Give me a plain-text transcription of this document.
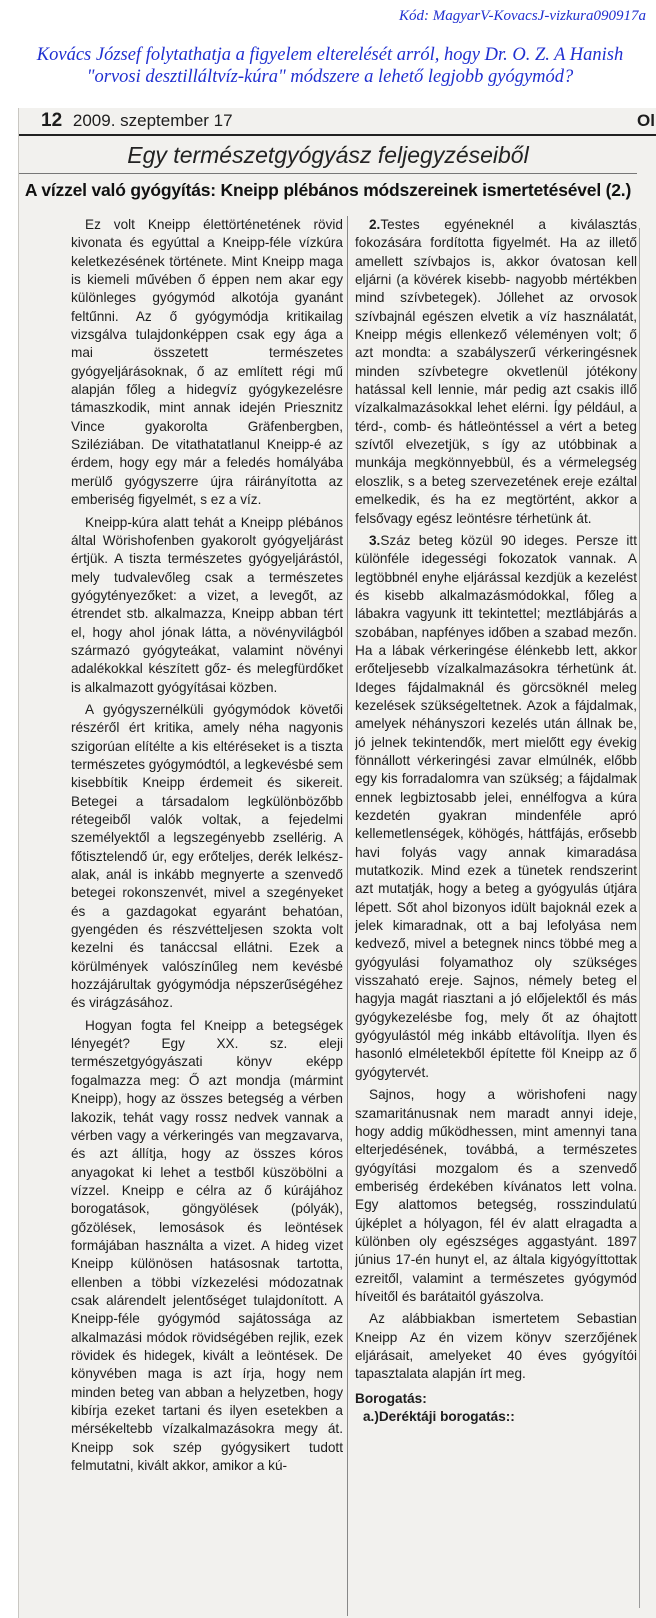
Kód: MagyarV-KovacsJ-vizkura090917a
Kovács József folytathatja a figyelem elterelését arról, hogy Dr. O. Z. A Hanish "orvosi desztilláltvíz-kúra" módszere a lehető legjobb gyógymód?
12 2009. szeptember 17	Ol
Egy természetgyógyász feljegyzéseiből
A vízzel való gyógyítás: Kneipp plébános módszereinek ismertetésével (2.)

Ez volt Kneipp élettörténetének rövid kivonata és egyúttal a Kneipp-féle vízkúra keletkezésének története. Mint Kneipp maga is kiemeli művében ő éppen nem akar egy különleges gyógymód alkotója gyanánt feltűnni. Az ő gyógymódja kritikailag vizsgálva tulajdonképpen csak egy ága a mai összetett természetes gyógyeljárásoknak, ő az említett régi mű alapján főleg a hidegvíz gyógykezelésre támaszkodik, mint annak idején Priesznitz Vince gyakorolta Gräfenbergben, Sziléziában. De vitathatatlanul Kneipp-é az érdem, hogy egy már a feledés homályába merülő gyógyszerre újra ráirányította az emberiség figyelmét, s ez a víz.

Kneipp-kúra alatt tehát a Kneipp plébános által Wörishofenben gyakorolt gyógyeljárást értjük. A tiszta természetes gyógyeljárástól, mely tudvalevőleg csak a természetes gyógytényezőket: a vizet, a levegőt, az étrendet stb. alkalmazza, Kneipp abban tért el, hogy ahol jónak látta, a növényvilágból származó gyógyteákat, valamint növényi adalékokkal készített gőz- és melegfürdőket is alkalmazott gyógyításai közben.

A gyógyszernélküli gyógymódok követői részéről ért kritika, amely néha nagyonis szigorúan elítélte a kis eltéréseket is a tiszta természetes gyógymódtól, a legkevésbé sem kisebbítik Kneipp érdemeit és sikereit. Betegei a társadalom legkülönbözőbb rétegeiből valók voltak, a fejedelmi személyektől a legszegényebb zsellérig. A főtisztelendő úr, egy erőteljes, derék lelkész-alak, anál is inkább megnyerte a szenvedő betegei rokonszenvét, mivel a szegényeket és a gazdagokat egyaránt behatóan, gyengéden és részvétteljesen szokta volt kezelni és tanáccsal ellátni. Ezek a körülmények valószínűleg nem kevésbé hozzájárultak gyógymódja népszerűségéhez és virágzásához.

Hogyan fogta fel Kneipp a betegségek lényegét? Egy XX. sz. eleji természetgyógyászati könyv eképp fogalmazza meg: Ő azt mondja (mármint Kneipp), hogy az összes betegség a vérben lakozik, tehát vagy rossz nedvek vannak a vérben vagy a vérkeringés van megzavarva, és azt állítja, hogy az összes kóros anyagokat ki lehet a testből küszöbölni a vízzel. Kneipp e célra az ő kúrájához borogatások, göngyölések (pólyák), gőzölések, lemosások és leöntések formájában használta a vizet. A hideg vizet Kneipp különösen hatásosnak tartotta, ellenben a többi vízkezelési módozatnak csak alárendelt jelentőséget tulajdonított. A Kneipp-féle gyógymód sajátossága az alkalmazási módok rövidségében rejlik, ezek rövidek és hidegek, kivált a leöntések. De könyvében maga is azt írja, hogy nem minden beteg van abban a helyzetben, hogy kibírja ezeket tartani és ilyen esetekben a mérsékeltebb vízalkalmazásokra megy át. Kneipp sok szép gyógysikert tudott felmutatni, kivált akkor, amikor a kú-

2.Testes egyéneknél a kiválasztás fokozására fordította figyelmét. Ha az illető amellett szívbajos is, akkor óvatosan kell eljárni (a kövérek kisebb- nagyobb mértékben mind szívbetegek). Jóllehet az orvosok szívbajnál egészen elvetik a víz használatát, Kneipp mégis ellenkező véleményen volt; ő azt mondta: a szabályszerű vérkeringésnek minden szívbetegre okvetlenül jótékony hatással kell lennie, már pedig azt csakis illő vízalkalmazásokkal lehet elérni. Így például, a térd-, comb- és hátleöntéssel a vért a beteg szívtől elvezetjük, s így az utóbbinak a munkája megkönnyebbül, és a vérmelegség eloszlik, s a beteg szervezetének ereje ezáltal emelkedik, és ha ez megtörtént, akkor a felsővagy egész leöntésre térhetünk át.

3.Száz beteg közül 90 ideges. Persze itt különféle idegességi fokozatok vannak. A legtöbbnél enyhe eljárással kezdjük a kezelést és kisebb alkalmazásmódokkal, főleg a lábakra vagyunk itt tekintettel; meztlábjárás a szobában, napfényes időben a szabad mezőn. Ha a lábak vérkeringése élénkebb lett, akkor erőteljesebb vízalkalmazásokra térhetünk át. Ideges fájdalmaknál és görcsöknél meleg kezelések szükségeltetnek. Azok a fájdalmak, amelyek néhányszori kezelés után állnak be, jó jelnek tekintendők, mert mielőtt egy évekig fönnállott vérkeringési zavar elmúlnék, előbb egy kis forradalomra van szükség; a fájdalmak ennek legbiztosabb jelei, ennélfogva a kúra kezdetén gyakran mindenféle apró kellemetlenségek, köhögés, háttfájás, erősebb havi folyás vagy annak kimaradása mutatkozik. Mind ezek a tünetek rendszerint azt mutatják, hogy a beteg a gyógyulás útjára lépett. Sőt ahol bizonyos idült bajoknál ezek a jelek kimaradnak, ott a baj lefolyása nem kedvező, mivel a betegnek nincs többé meg a gyógyulási folyamathoz oly szükséges visszaható ereje. Sajnos, némely beteg el hagyja magát riasztani a jó előjelektől és más gyógykezelésbe fog, mely őt az óhajtott gyógyulástól még inkább eltávolítja. Ilyen és hasonló elméletekből építette föl Kneipp az ő gyógytervét.

Sajnos, hogy a wörishofeni nagy szamaritánusnak nem maradt annyi ideje, hogy addig működhessen, mint amennyi tana elterjedésének, továbbá, a természetes gyógyítási mozgalom és a szenvedő emberiség érdekében kívánatos lett volna. Egy alattomos betegség, rosszindulatú újképlet a hólyagon, fél év alatt elragadta a különben oly egészséges aggastyánt. 1897 június 17-én hunyt el, az általa kigyógyíttottak ezreitől, valamint a természetes gyógymód híveitől és barátaitól gyászolva.

Az alábbiakban ismertetem Sebastian Kneipp Az én vizem könyv szerzőjének eljárásait, amelyeket 40 éves gyógyítói tapasztalata alapján írt meg.

Borogatás:

a.)Deréktáji borogatás::
